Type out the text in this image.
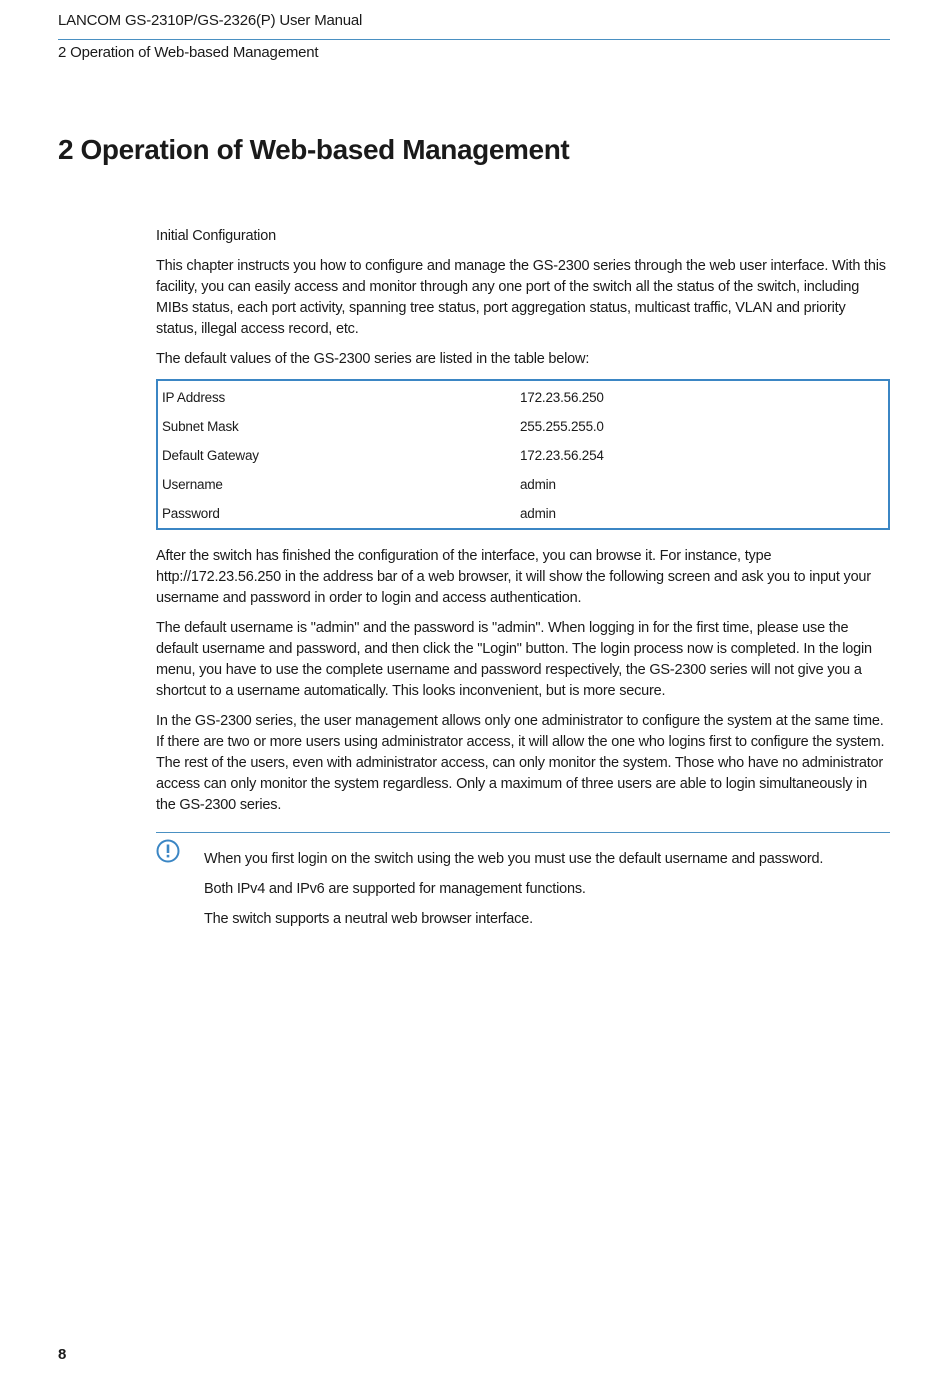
LANCOM GS-2310P/GS-2326(P) User Manual
2 Operation of Web-based Management
2 Operation of Web-based Management

Initial Configuration

This chapter instructs you how to configure and manage the GS-2300 series through the web user interface. With this facility, you can easily access and monitor through any one port of the switch all the status of the switch, including MIBs status, each port activity, spanning tree status, port aggregation status, multicast traffic, VLAN and priority status, illegal access record, etc.

The default values of the GS-2300 series are listed in the table below:

IP Address	172.23.56.250
Subnet Mask	255.255.255.0
Default Gateway	172.23.56.254
Username	admin
Password	admin

After the switch has finished the configuration of the interface, you can browse it. For instance, type http://172.23.56.250 in the address bar of a web browser, it will show the following screen and ask you to input your username and password in order to login and access authentication.

The default username is "admin" and the password is "admin". When logging in for the first time, please use the default username and password, and then click the "Login" button. The login process now is completed. In the login menu, you have to use the complete username and password respectively, the GS-2300 series will not give you a shortcut to a username automatically. This looks inconvenient, but is more secure.

In the GS-2300 series, the user management allows only one administrator to configure the system at the same time. If there are two or more users using administrator access, it will allow the one who logins first to configure the system. The rest of the users, even with administrator access, can only monitor the system. Those who have no administrator access can only monitor the system regardless. Only a maximum of three users are able to login simultaneously in the GS-2300 series.

When you first login on the switch using the web you must use the default username and password.

Both IPv4 and IPv6 are supported for management functions.

The switch supports a neutral web browser interface.

8
